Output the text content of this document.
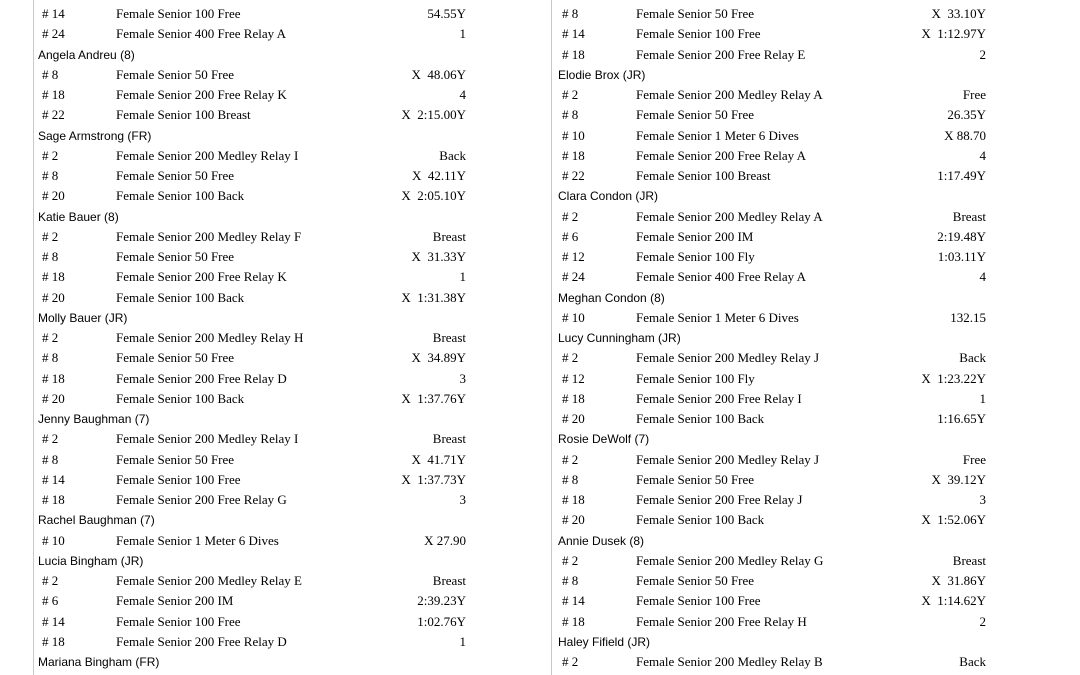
# 14	Female Senior 100 Free	54.55Y
# 24	Female Senior 400 Free Relay A	1
Angela Andreu (8)
# 8	Female Senior 50 Free	X  48.06Y
# 18	Female Senior 200 Free Relay K	4
# 22	Female Senior 100 Breast	X  2:15.00Y
Sage Armstrong (FR)
# 2	Female Senior 200 Medley Relay I	Back
# 8	Female Senior 50 Free	X  42.11Y
# 20	Female Senior 100 Back	X  2:05.10Y
Katie Bauer (8)
# 2	Female Senior 200 Medley Relay F	Breast
# 8	Female Senior 50 Free	X  31.33Y
# 18	Female Senior 200 Free Relay K	1
# 20	Female Senior 100 Back	X  1:31.38Y
Molly Bauer (JR)
# 2	Female Senior 200 Medley Relay H	Breast
# 8	Female Senior 50 Free	X  34.89Y
# 18	Female Senior 200 Free Relay D	3
# 20	Female Senior 100 Back	X  1:37.76Y
Jenny Baughman (7)
# 2	Female Senior 200 Medley Relay I	Breast
# 8	Female Senior 50 Free	X  41.71Y
# 14	Female Senior 100 Free	X  1:37.73Y
# 18	Female Senior 200 Free Relay G	3
Rachel Baughman (7)
# 10	Female Senior 1 Meter 6 Dives	X 27.90
Lucia Bingham (JR)
# 2	Female Senior 200 Medley Relay E	Breast
# 6	Female Senior 200 IM	2:39.23Y
# 14	Female Senior 100 Free	1:02.76Y
# 18	Female Senior 200 Free Relay D	1
Mariana Bingham (FR)
# 8	Female Senior 50 Free	X  33.10Y
# 14	Female Senior 100 Free	X  1:12.97Y
# 18	Female Senior 200 Free Relay E	2
Elodie Brox (JR)
# 2	Female Senior 200 Medley Relay A	Free
# 8	Female Senior 50 Free	26.35Y
# 10	Female Senior 1 Meter 6 Dives	X 88.70
# 18	Female Senior 200 Free Relay A	4
# 22	Female Senior 100 Breast	1:17.49Y
Clara Condon (JR)
# 2	Female Senior 200 Medley Relay A	Breast
# 6	Female Senior 200 IM	2:19.48Y
# 12	Female Senior 100 Fly	1:03.11Y
# 24	Female Senior 400 Free Relay A	4
Meghan Condon (8)
# 10	Female Senior 1 Meter 6 Dives	132.15
Lucy Cunningham (JR)
# 2	Female Senior 200 Medley Relay J	Back
# 12	Female Senior 100 Fly	X  1:23.22Y
# 18	Female Senior 200 Free Relay I	1
# 20	Female Senior 100 Back	1:16.65Y
Rosie DeWolf (7)
# 2	Female Senior 200 Medley Relay J	Free
# 8	Female Senior 50 Free	X  39.12Y
# 18	Female Senior 200 Free Relay J	3
# 20	Female Senior 100 Back	X  1:52.06Y
Annie Dusek (8)
# 2	Female Senior 200 Medley Relay G	Breast
# 8	Female Senior 50 Free	X  31.86Y
# 14	Female Senior 100 Free	X  1:14.62Y
# 18	Female Senior 200 Free Relay H	2
Haley Fifield (JR)
# 2	Female Senior 200 Medley Relay B	Back
